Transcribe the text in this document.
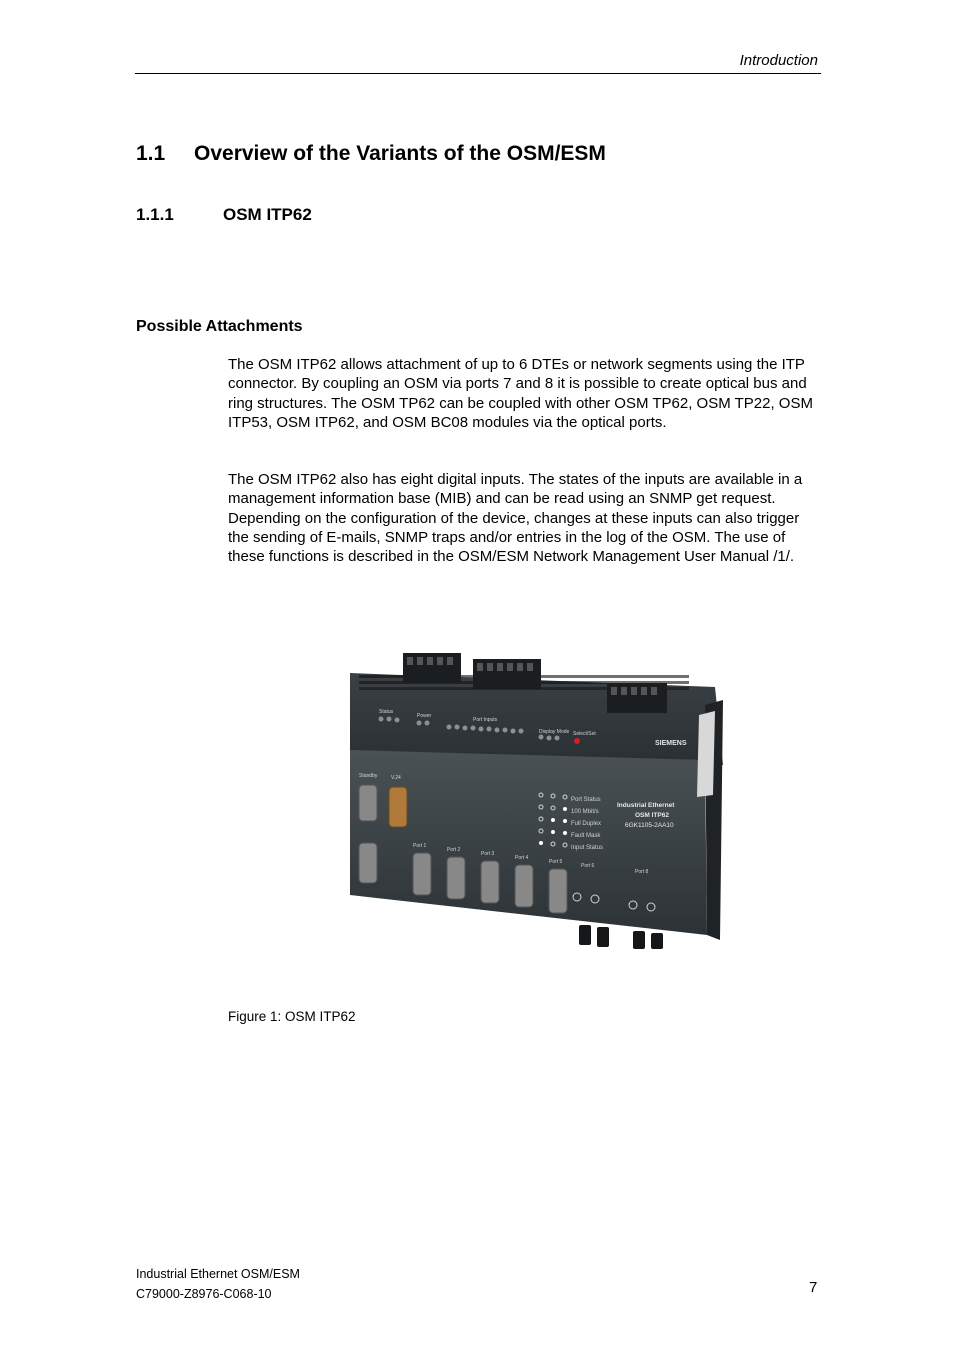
Introduction
1.1 Overview of the Variants of the OSM/ESM
1.1.1	OSM ITP62
Possible Attachments
The OSM ITP62 allows attachment of up to 6 DTEs or network segments using the ITP connector. By coupling an OSM via ports 7 and 8 it is possible to create optical bus and ring structures. The OSM TP62 can be coupled with other OSM TP62, OSM TP22, OSM ITP53, OSM ITP62, and OSM BC08 modules via the optical ports.
The OSM ITP62 also has eight digital inputs. The states of the inputs are available in a management information base (MIB) and can be read using an SNMP get request. Depending on the configuration of the device, changes at these inputs can also trigger the sending of E-mails, SNMP traps and/or entries in the log of the OSM. The use of these functions is described in the OSM/ESM Network Management User Manual /1/.
Status
Power
Port Inputs
Display Mode Select/Set
SIEMENS
Standby	V.24
Port Status
100 Mbit/s
Full Duplex
Fault Mask
Input Status
Industrial Ethernet
OSM ITP62
6GK1105-2AA10
Port 1
Port 2
Port 3
Port 4
Port 5
Port 6
Port 8
Figure 1: OSM ITP62
Industrial Ethernet OSM/ESM
C79000-Z8976-C068-10	7
